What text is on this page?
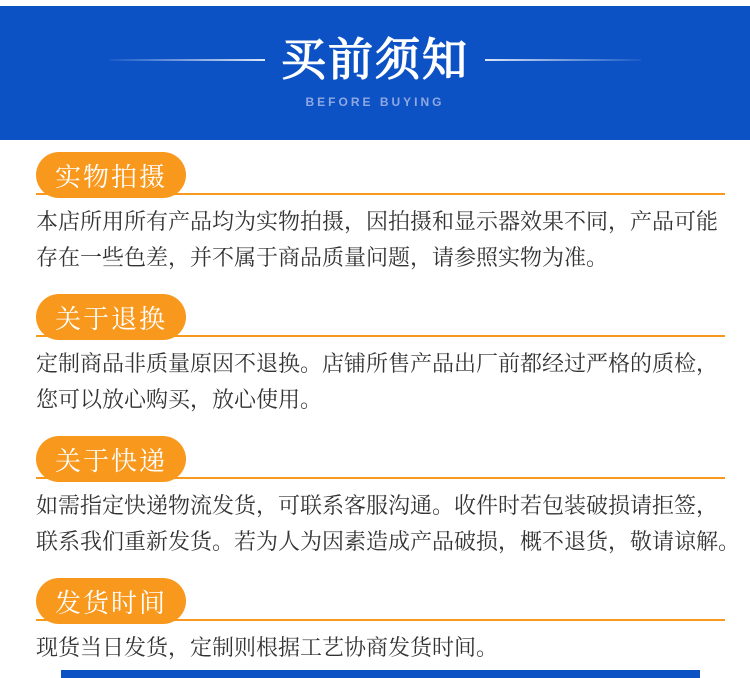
买前须知
BEFORE BUYING
实物拍摄
本店所用所有产品均为实物拍摄，因拍摄和显示器效果不同，产品可能
存在一些色差，并不属于商品质量问题，请参照实物为准。
关于退换
定制商品非质量原因不退换。店铺所售产品出厂前都经过严格的质检，
您可以放心购买，放心使用。
关于快递
如需指定快递物流发货，可联系客服沟通。收件时若包装破损请拒签，
联系我们重新发货。若为人为因素造成产品破损，概不退货，敬请谅解。
发货时间
现货当日发货，定制则根据工艺协商发货时间。
